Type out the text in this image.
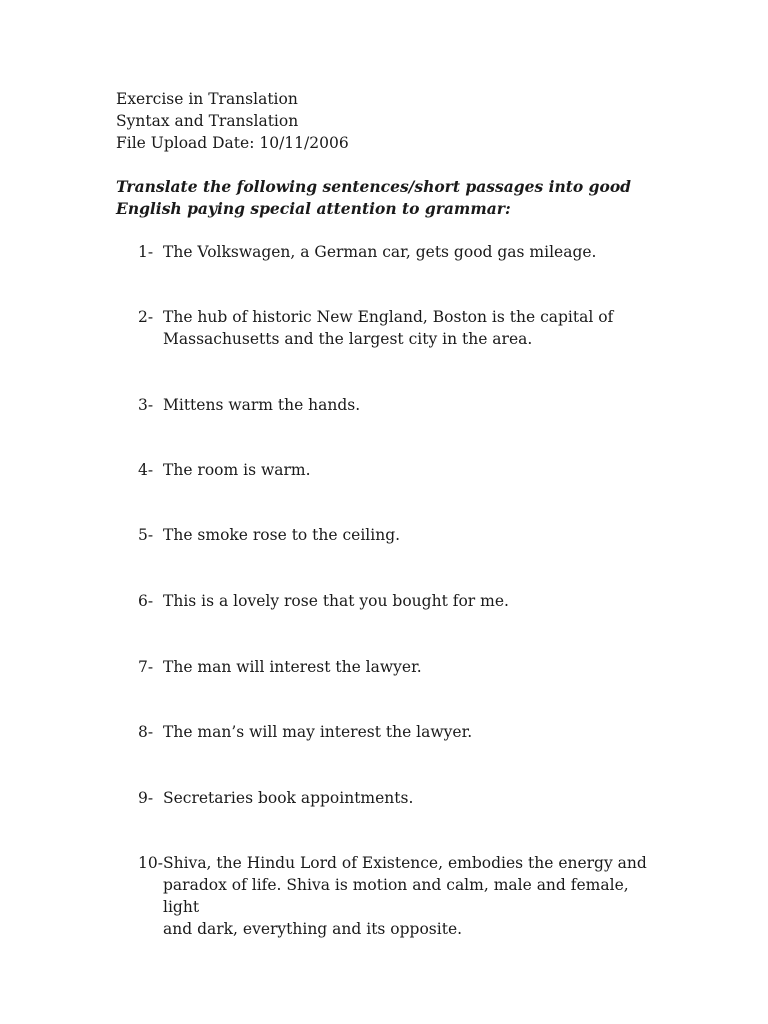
Exercise in Translation
Syntax and Translation
File Upload Date: 10/11/2006
Translate the following sentences/short passages into good English paying special attention to grammar:
1- The Volkswagen, a German car, gets good gas mileage.
2- The hub of historic New England, Boston is the capital of
Massachusetts and the largest city in the area.
3- Mittens warm the hands.
4- The room is warm.
5- The smoke rose to the ceiling.
6- This is a lovely rose that you bought for me.
7- The man will interest the lawyer.
8- The man’s will may interest the lawyer.
9- Secretaries book appointments.
10- Shiva, the Hindu Lord of Existence, embodies the energy and
paradox of life. Shiva is motion and calm, male and female, light
and dark, everything and its opposite.
